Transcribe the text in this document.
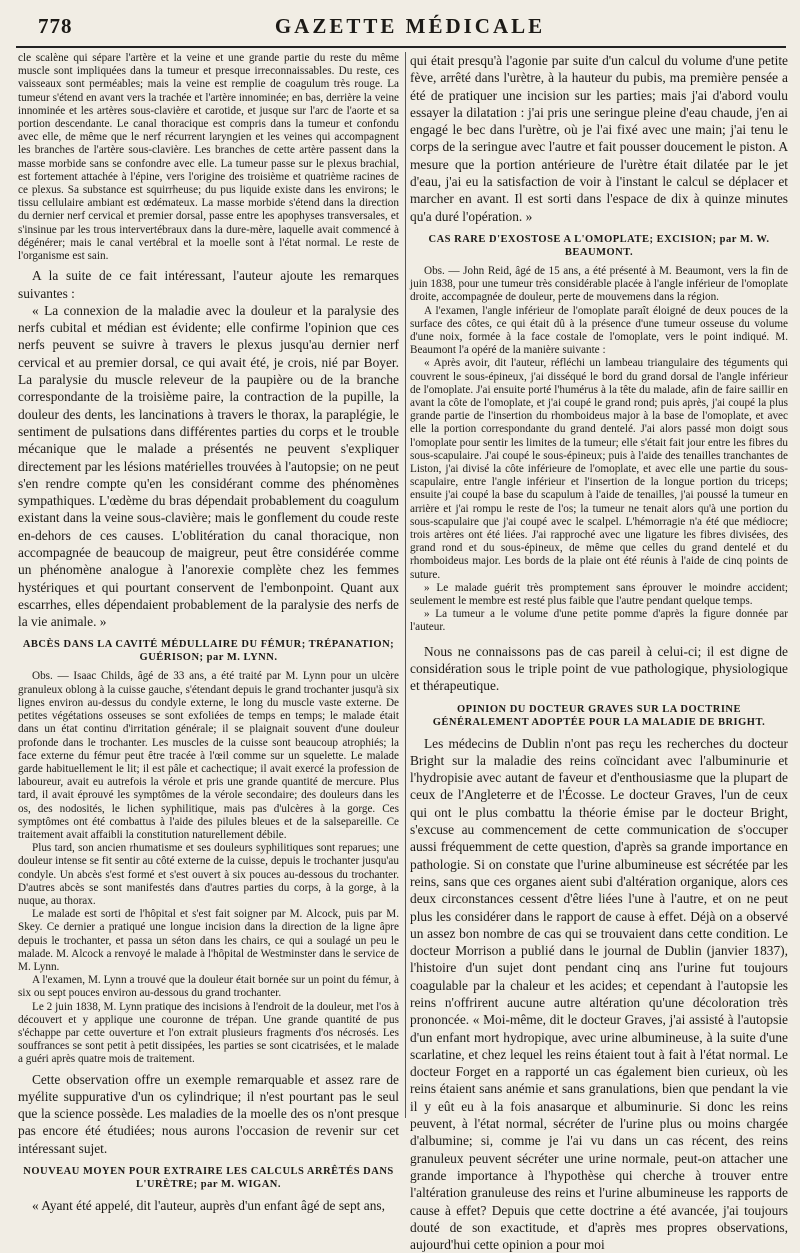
778	GAZETTE MÉDICALE

cle scalène qui sépare l'artère et la veine et une grande partie du reste du même muscle sont impliquées dans la tumeur et presque irreconnaissables. Du reste, ces vaisseaux sont perméables; mais la veine est remplie de coagulum très rouge. La tumeur s'étend en avant vers la trachée et l'artère innominée; en bas, derrière la veine innominée et les artères sous-clavière et carotide, et jusque sur l'arc de l'aorte et sa portion descendante. Le canal thoracique est compris dans la tumeur et confondu avec elle, de même que le nerf récurrent laryngien et les veines qui accompagnent les branches de l'artère sous-clavière. Les branches de cette artère passent dans la masse morbide sans se confondre avec elle. La tumeur passe sur le plexus brachial, est fortement attachée à l'épine, vers l'origine des troisième et quatrième racines de ce plexus. Sa substance est squirrheuse; du pus liquide existe dans les environs; le tissu cellulaire ambiant est œdémateux. La masse morbide s'étend dans la direction du dernier nerf cervical et premier dorsal, passe entre les apophyses transversales, et s'insinue par les trous intervertébraux dans la dure-mère, laquelle avait commencé à dégénérer; mais le canal vertébral et la moelle sont à l'état normal. Le reste de l'organisme est sain.

A la suite de ce fait intéressant, l'auteur ajoute les remarques suivantes :

« La connexion de la maladie avec la douleur et la paralysie des nerfs cubital et médian est évidente; elle confirme l'opinion que ces nerfs peuvent se suivre à travers le plexus jusqu'au dernier nerf cervical et au premier dorsal, ce qui avait été, je crois, nié par Boyer. La paralysie du muscle releveur de la paupière ou de la branche correspondante de la troisième paire, la contraction de la pupille, la douleur des dents, les lancinations à travers le thorax, la paraplégie, le sentiment de pulsations dans différentes parties du corps et le trouble mécanique que le malade a présentés ne peuvent s'expliquer directement par les lésions matérielles trouvées à l'autopsie; on ne peut s'en rendre compte qu'en les considérant comme des phénomènes sympathiques. L'œdème du bras dépendait probablement du coagulum existant dans la veine sous-clavière; mais le gonflement du coude reste en-dehors de ces causes. L'oblitération du canal thoracique, non accompagnée de beaucoup de maigreur, peut être considérée comme un phénomène analogue à l'anorexie complète chez les femmes hystériques et qui pourtant conservent de l'embonpoint. Quant aux escarrhes, elles dépendaient probablement de la paralysie des nerfs de la vie animale. »

ABCÈS DANS LA CAVITÉ MÉDULLAIRE DU FÉMUR; TRÉPANATION; GUÉRISON; par M. LYNN.

Obs. — Isaac Childs, âgé de 33 ans, a été traité par M. Lynn pour un ulcère granuleux oblong à la cuisse gauche, s'étendant depuis le grand trochanter jusqu'à six lignes environ au-dessus du condyle externe, le long du muscle vaste externe. De petites végétations osseuses se sont exfoliées de temps en temps; le malade était dans un état continu d'irritation générale; il se plaignait souvent d'une douleur profonde dans le trochanter. Les muscles de la cuisse sont beaucoup atrophiés; la face externe du fémur peut être tracée à l'œil comme sur un squelette. Le malade garde habituellement le lit; il est pâle et cachectique; il avait exercé la profession de laboureur, avait eu autrefois la vérole et pris une grande quantité de mercure. Plus tard, il avait éprouvé les symptômes de la vérole secondaire; des douleurs dans les os, des nodosités, le lichen syphilitique, mais pas d'ulcères à la gorge. Ces symptômes ont été combattus à l'aide des pilules bleues et de la salsepareille. Ce traitement avait affaibli la constitution naturellement débile.

Plus tard, son ancien rhumatisme et ses douleurs syphilitiques sont reparues; une douleur intense se fit sentir au côté externe de la cuisse, depuis le trochanter jusqu'au condyle. Un abcès s'est formé et s'est ouvert à six pouces au-dessous du trochanter. D'autres abcès se sont manifestés dans d'autres parties du corps, à la gorge, à la nuque, au thorax.

Le malade est sorti de l'hôpital et s'est fait soigner par M. Alcock, puis par M. Skey. Ce dernier a pratiqué une longue incision dans la direction de la ligne âpre depuis le trochanter, et passa un séton dans les chairs, ce qui a soulagé un peu le malade. M. Alcock a renvoyé le malade à l'hôpital de Westminster dans le service de M. Lynn.

A l'examen, M. Lynn a trouvé que la douleur était bornée sur un point du fémur, à six ou sept pouces environ au-dessous du grand trochanter.

Le 2 juin 1838, M. Lynn pratique des incisions à l'endroit de la douleur, met l'os à découvert et y applique une couronne de trépan. Une grande quantité de pus s'échappe par cette ouverture et l'on extrait plusieurs fragments d'os nécrosés. Les souffrances se sont petit à petit dissipées, les parties se sont cicatrisées, et le malade a guéri après quatre mois de traitement.

Cette observation offre un exemple remarquable et assez rare de myélite suppurative d'un os cylindrique; il n'est pourtant pas le seul que la science possède. Les maladies de la moelle des os n'ont presque pas encore été étudiées; nous aurons l'occasion de revenir sur cet intéressant sujet.

NOUVEAU MOYEN POUR EXTRAIRE LES CALCULS ARRÊTÉS DANS L'URÈTRE; par M. WIGAN.

« Ayant été appelé, dit l'auteur, auprès d'un enfant âgé de sept ans,

qui était presqu'à l'agonie par suite d'un calcul du volume d'une petite fève, arrêté dans l'urètre, à la hauteur du pubis, ma première pensée a été de pratiquer une incision sur les parties; mais j'ai d'abord voulu essayer la dilatation : j'ai pris une seringue pleine d'eau chaude, j'en ai engagé le bec dans l'urètre, où je l'ai fixé avec une main; j'ai tenu le corps de la seringue avec l'autre et fait pousser doucement le piston. A mesure que la portion antérieure de l'urètre était dilatée par le jet d'eau, j'ai eu la satisfaction de voir à l'instant le calcul se déplacer et marcher en avant. Il est sorti dans l'espace de dix à quinze minutes qu'a duré l'opération. »

CAS RARE D'EXOSTOSE A L'OMOPLATE; EXCISION; par M. W. BEAUMONT.

Obs. — John Reid, âgé de 15 ans, a été présenté à M. Beaumont, vers la fin de juin 1838, pour une tumeur très considérable placée à l'angle inférieur de l'omoplate droite, accompagnée de douleur, perte de mouvemens dans la région.

A l'examen, l'angle inférieur de l'omoplate paraît éloigné de deux pouces de la surface des côtes, ce qui était dû à la présence d'une tumeur osseuse du volume d'une noix, formée à la face costale de l'omoplate, vers le point indiqué. M. Beaumont l'a opéré de la manière suivante :

« Après avoir, dit l'auteur, réfléchi un lambeau triangulaire des téguments qui couvrent le sous-épineux, j'ai disséqué le bord du grand dorsal de l'angle inférieur de l'omoplate. J'ai ensuite porté l'humérus à la tête du malade, afin de faire saillir en avant la côte de l'omoplate, et j'ai coupé le grand rond; puis après, j'ai coupé la plus grande partie de l'insertion du rhomboideus major à la base de l'omoplate, et avec elle la portion correspondante du grand dentelé. J'ai alors passé mon doigt sous l'omoplate pour sentir les limites de la tumeur; elle s'était fait jour entre les fibres du sous-scapulaire. J'ai coupé le sous-épineux; puis à l'aide des tenailles tranchantes de Liston, j'ai divisé la côte inférieure de l'omoplate, et avec elle une partie du sous-scapulaire, entre l'angle inférieur et l'insertion de la longue portion du triceps; ensuite j'ai coupé la base du scapulum à l'aide de tenailles, j'ai poussé la tumeur en arrière et j'ai rompu le reste de l'os; la tumeur ne tenait alors qu'à une portion du sous-scapulaire que j'ai coupé avec le scalpel. L'hémorragie n'a été que médiocre; trois artères ont été liées. J'ai rapproché avec une ligature les fibres divisées, des grand rond et du sous-épineux, de même que celles du grand dentelé et du rhomboideus major. Les bords de la plaie ont été réunis à l'aide de cinq points de suture.

» Le malade guérit très promptement sans éprouver le moindre accident; seulement le membre est resté plus faible que l'autre pendant quelque temps.

» La tumeur a le volume d'une petite pomme d'après la figure donnée par l'auteur.

Nous ne connaissons pas de cas pareil à celui-ci; il est digne de considération sous le triple point de vue pathologique, physiologique et thérapeutique.

OPINION DU DOCTEUR GRAVES SUR LA DOCTRINE GÉNÉRALEMENT ADOPTÉE POUR LA MALADIE DE BRIGHT.

Les médecins de Dublin n'ont pas reçu les recherches du docteur Bright sur la maladie des reins coïncidant avec l'albuminurie et l'hydropisie avec autant de faveur et d'enthousiasme que la plupart de ceux de l'Angleterre et de l'Écosse. Le docteur Graves, l'un de ceux qui ont le plus combattu la théorie émise par le docteur Bright, s'excuse au commencement de cette communication de s'occuper aussi fréquemment de cette question, d'après sa grande importance en pathologie. Si on constate que l'urine albumineuse est sécrétée par les reins, sans que ces organes aient subi d'altération organique, alors ces deux circonstances cessent d'être liées l'une à l'autre, et on ne peut plus les considérer dans le rapport de cause à effet. Déjà on a observé un assez bon nombre de cas qui se trouvaient dans cette condition. Le docteur Morrison a publié dans le journal de Dublin (janvier 1837), l'histoire d'un sujet dont pendant cinq ans l'urine fut toujours coagulable par la chaleur et les acides; et cependant à l'autopsie les reins n'offrirent aucune autre altération qu'une décoloration très prononcée. « Moi-même, dit le docteur Graves, j'ai assisté à l'autopsie d'un enfant mort hydropique, avec urine albumineuse, à la suite d'une scarlatine, et chez lequel les reins étaient tout à fait à l'état normal. Le docteur Forget en a rapporté un cas également bien curieux, où les reins étaient sans anémie et sans granulations, bien que pendant la vie il y eût eu à la fois anasarque et albuminurie. Si donc les reins peuvent, à l'état normal, sécréter de l'urine plus ou moins chargée d'albumine; si, comme je l'ai vu dans un cas récent, des reins granuleux peuvent sécréter une urine normale, peut-on attacher une grande importance à l'hypothèse qui cherche à trouver entre l'altération granuleuse des reins et l'urine albumineuse les rapports de cause à effet? Depuis que cette doctrine a été avancée, j'ai toujours douté de son exactitude, et d'après mes propres observations, aujourd'hui cette opinion a pour moi
